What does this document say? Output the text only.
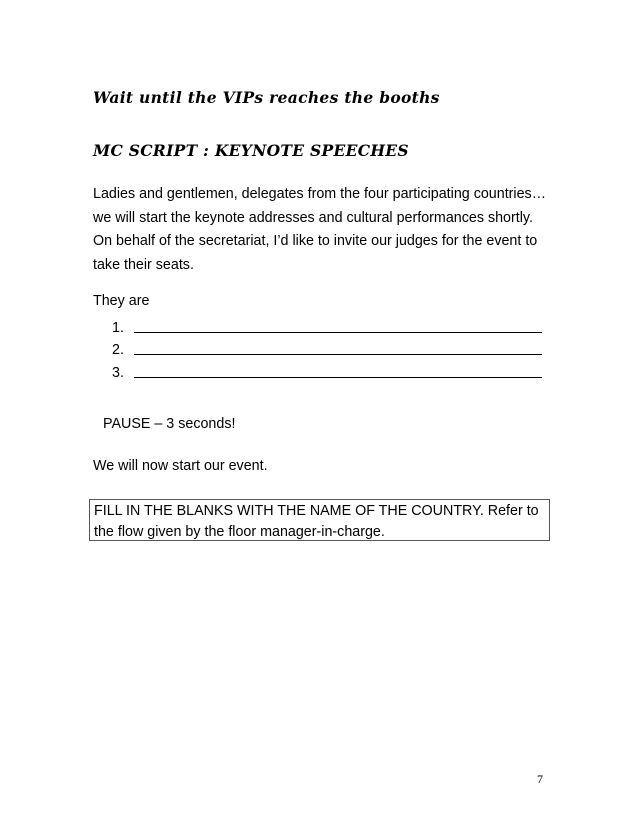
Wait until the VIPs reaches the booths
MC SCRIPT : KEYNOTE SPEECHES
Ladies and gentlemen, delegates from the four participating countries… we will start the keynote addresses and cultural performances shortly. On behalf of the secretariat, I’d like to invite our judges for the event to take their seats.
They are
1.
2.
3.
PAUSE – 3 seconds!
We will now start our event.
FILL IN THE BLANKS WITH THE NAME OF THE COUNTRY. Refer to the flow given by the floor manager-in-charge.
7
